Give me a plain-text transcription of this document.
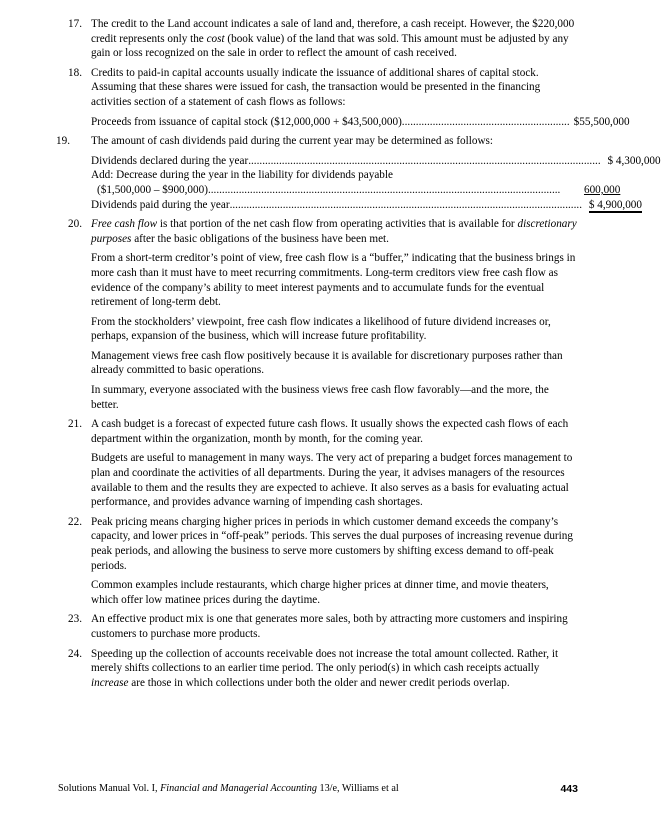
17. The credit to the Land account indicates a sale of land and, therefore, a cash receipt. However, the $220,000 credit represents only the cost (book value) of the land that was sold. This amount must be adjusted by any gain or loss recognized on the sale in order to reflect the amount of cash received.

18. Credits to paid-in capital accounts usually indicate the issuance of additional shares of capital stock. Assuming that these shares were issued for cash, the transaction would be presented in the financing activities section of a statement of cash flows as follows:

Proceeds from issuance of capital stock ($12,000,000 + $43,500,000) ............................................................ $55,500,000
19.	The amount of cash dividends paid during the current year may be determined as follows:

Dividends declared during the year .............................................................................................................................. $ 4,300,000
Add: Decrease during the year in the liability for dividends payable
($1,500,000 – $900,000) ..............................................................................................................................	600,000
Dividends paid during the year .............................................................................................................................. $ 4,900,000
20. Free cash flow is that portion of the net cash flow from operating activities that is available for discretionary purposes after the basic obligations of the business have been met.

From a short-term creditor’s point of view, free cash flow is a “buffer,” indicating that the business brings in more cash than it must have to meet recurring commitments. Long-term creditors view free cash flow as evidence of the company’s ability to meet interest payments and to accumulate funds for the eventual retirement of long-term debt.

From the stockholders’ viewpoint, free cash flow indicates a likelihood of future dividend increases or, perhaps, expansion of the business, which will increase future profitability.

Management views free cash flow positively because it is available for discretionary purposes rather than already committed to basic operations.

In summary, everyone associated with the business views free cash flow favorably—and the more, the better.

21. A cash budget is a forecast of expected future cash flows. It usually shows the expected cash flows of each department within the organization, month by month, for the coming year.

Budgets are useful to management in many ways. The very act of preparing a budget forces management to plan and coordinate the activities of all departments. During the year, it advises managers of the resources available to them and the results they are expected to achieve. It also serves as a basis for evaluating actual performance, and provides advance warning of impending cash shortages.

22. Peak pricing means charging higher prices in periods in which customer demand exceeds the company’s capacity, and lower prices in “off-peak” periods. This serves the dual purposes of increasing revenue during peak periods, and allowing the business to serve more customers by shifting excess demand to off-peak periods.

Common examples include restaurants, which charge higher prices at dinner time, and movie theaters, which offer low matinee prices during the daytime.

23. An effective product mix is one that generates more sales, both by attracting more customers and inspiring customers to purchase more products.

24. Speeding up the collection of accounts receivable does not increase the total amount collected. Rather, it merely shifts collections to an earlier time period. The only period(s) in which cash receipts actually increase are those in which collections under both the older and newer credit periods overlap.

Solutions Manual Vol. I, Financial and Managerial Accounting 13/e, Williams et al	443
